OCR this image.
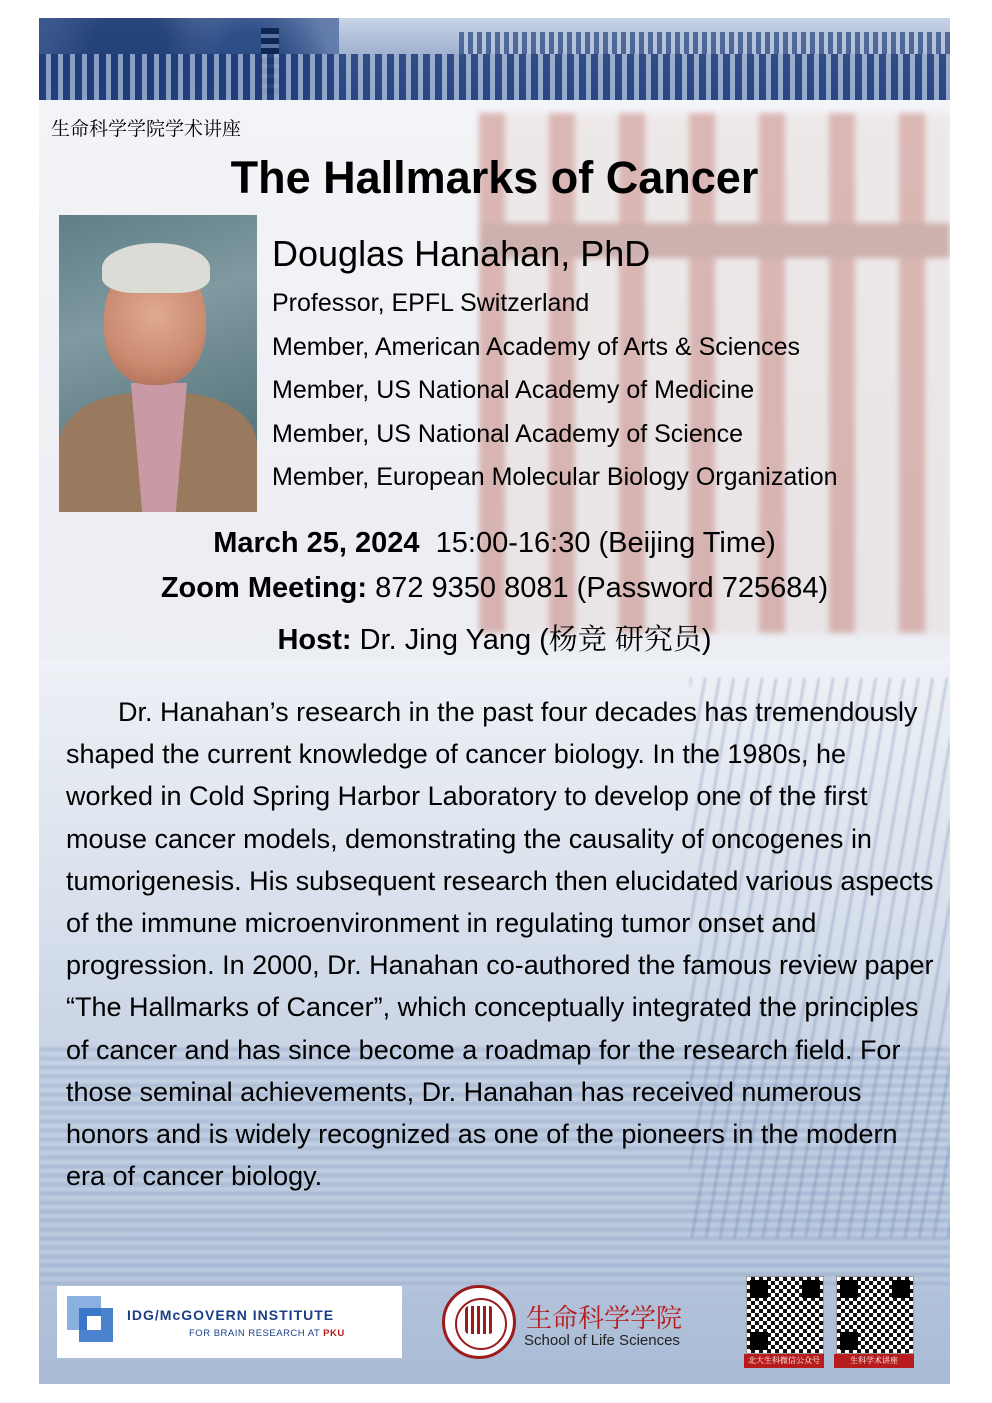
生命科学学院学术讲座
The Hallmarks of Cancer
Douglas Hanahan, PhD
Professor, EPFL Switzerland
Member, American Academy of Arts & Sciences
Member, US National Academy of Medicine
Member, US National Academy of Science
Member, European Molecular Biology Organization
March 25, 2024 15:00-16:30 (Beijing Time)
Zoom Meeting: 872 9350 8081 (Password 725684)
Host: Dr. Jing Yang (杨竞 研究员)

Dr. Hanahan’s research in the past four decades has tremendously shaped the current knowledge of cancer biology. In the 1980s, he worked in Cold Spring Harbor Laboratory to develop one of the first mouse cancer models, demonstrating the causality of oncogenes in tumorigenesis. His subsequent research then elucidated various aspects of the immune microenvironment in regulating tumor onset and progression. In 2000, Dr. Hanahan co-authored the famous review paper “The Hallmarks of Cancer”, which conceptually integrated the principles of cancer and has since become a roadmap for the research field. For those seminal achievements, Dr. Hanahan has received numerous honors and is widely recognized as one of the pioneers in the modern era of cancer biology.

IDG/McGOVERN INSTITUTE
FOR BRAIN RESEARCH AT PKU	生命科学学院
School of Life Sciences
北大生科微信公众号	生科学术讲座
